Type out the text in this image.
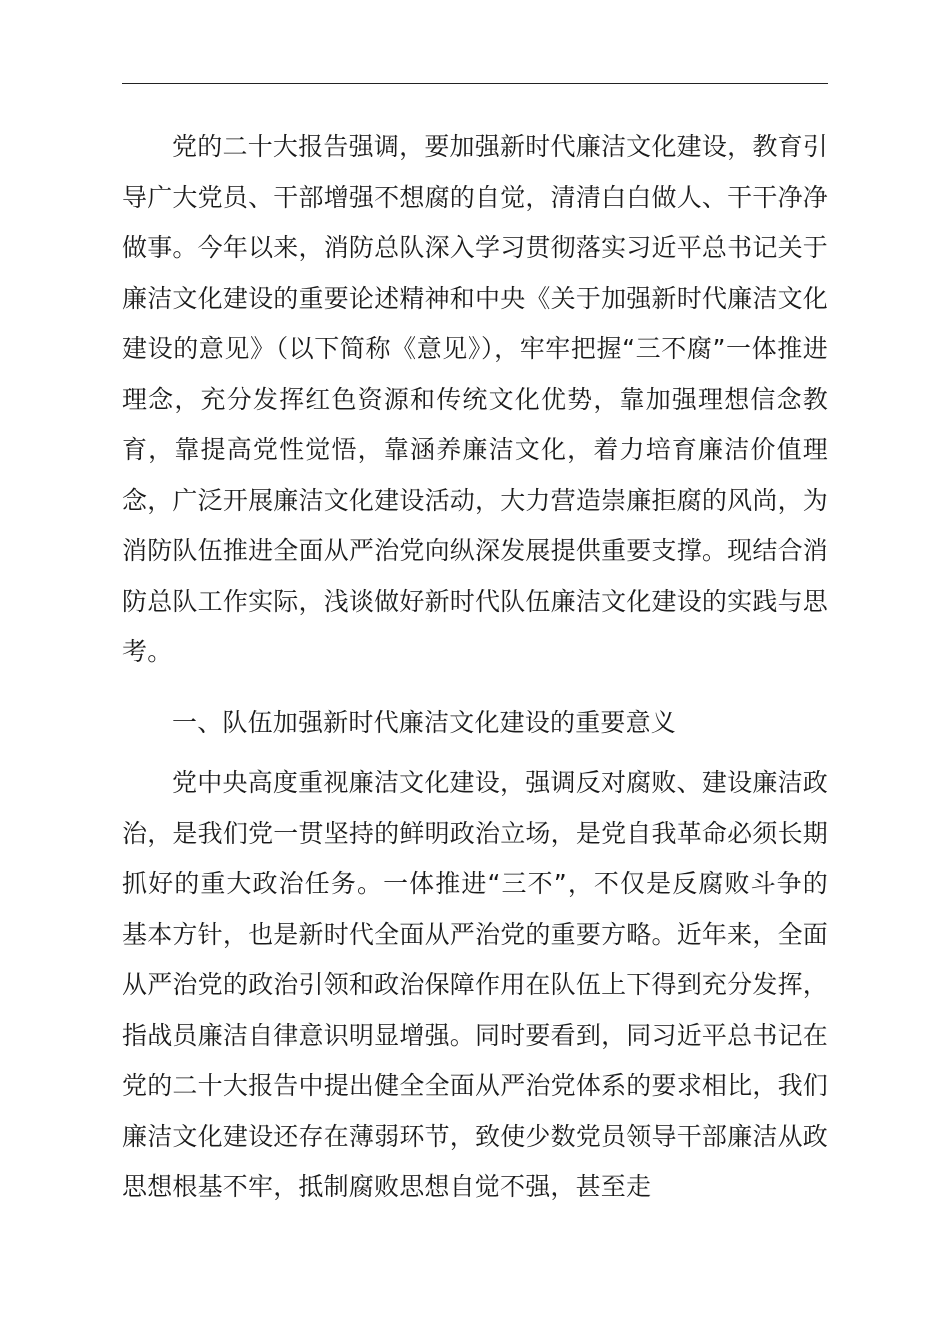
党的二十大报告强调，要加强新时代廉洁文化建设，教育引导广大党员、干部增强不想腐的自觉，清清白白做人、干干净净做事。今年以来，消防总队深入学习贯彻落实习近平总书记关于廉洁文化建设的重要论述精神和中央《关于加强新时代廉洁文化建设的意见》（以下简称《意见》），牢牢把握“三不腐”一体推进理念，充分发挥红色资源和传统文化优势，靠加强理想信念教育，靠提高党性觉悟，靠涵养廉洁文化，着力培育廉洁价值理念，广泛开展廉洁文化建设活动，大力营造崇廉拒腐的风尚，为消防队伍推进全面从严治党向纵深发展提供重要支撑。现结合消防总队工作实际，浅谈做好新时代队伍廉洁文化建设的实践与思考。

一、队伍加强新时代廉洁文化建设的重要意义

党中央高度重视廉洁文化建设，强调反对腐败、建设廉洁政治，是我们党一贯坚持的鲜明政治立场，是党自我革命必须长期抓好的重大政治任务。一体推进“三不”，不仅是反腐败斗争的基本方针，也是新时代全面从严治党的重要方略。近年来，全面从严治党的政治引领和政治保障作用在队伍上下得到充分发挥，指战员廉洁自律意识明显增强。同时要看到，同习近平总书记在党的二十大报告中提出健全全面从严治党体系的要求相比，我们廉洁文化建设还存在薄弱环节，致使少数党员领导干部廉洁从政思想根基不牢，抵制腐败思想自觉不强，甚至走
